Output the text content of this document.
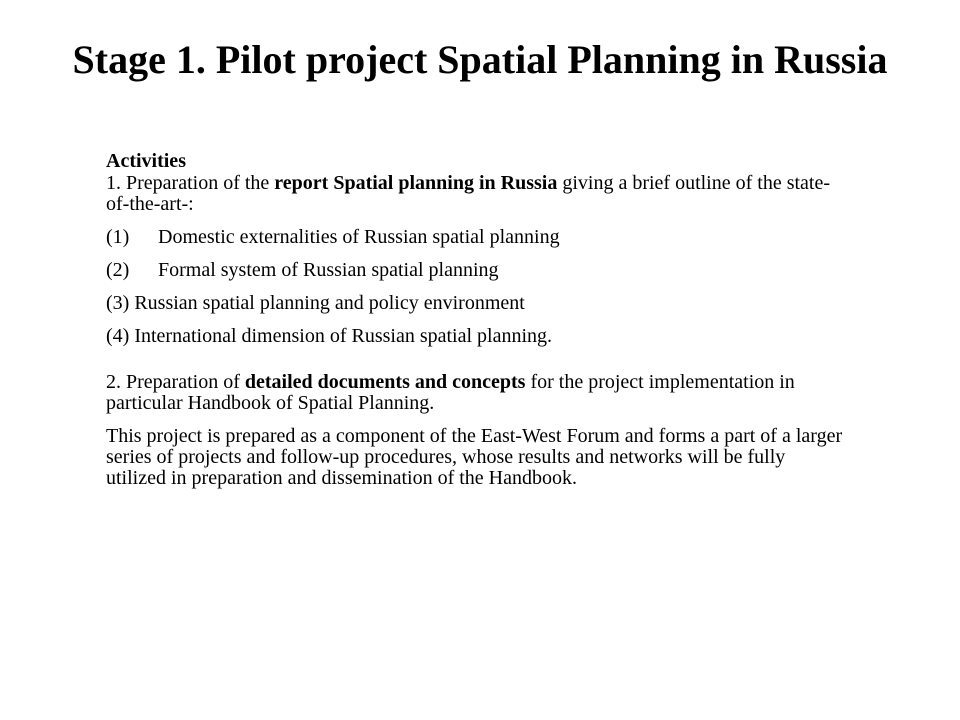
Stage 1. Pilot project Spatial Planning in Russia
Activities

1. Preparation of the report Spatial planning in Russia giving a brief outline of the state-of-the-art-:

(1) Domestic externalities of Russian spatial planning
(2) Formal system of Russian spatial planning
(3) Russian spatial planning and policy environment
(4) International dimension of Russian spatial planning.

2. Preparation of detailed documents and concepts for the project implementation in particular Handbook of Spatial Planning.

This project is prepared as a component of the East-West Forum and forms a part of a larger series of projects and follow-up procedures, whose results and networks will be fully utilized in preparation and dissemination of the Handbook.
